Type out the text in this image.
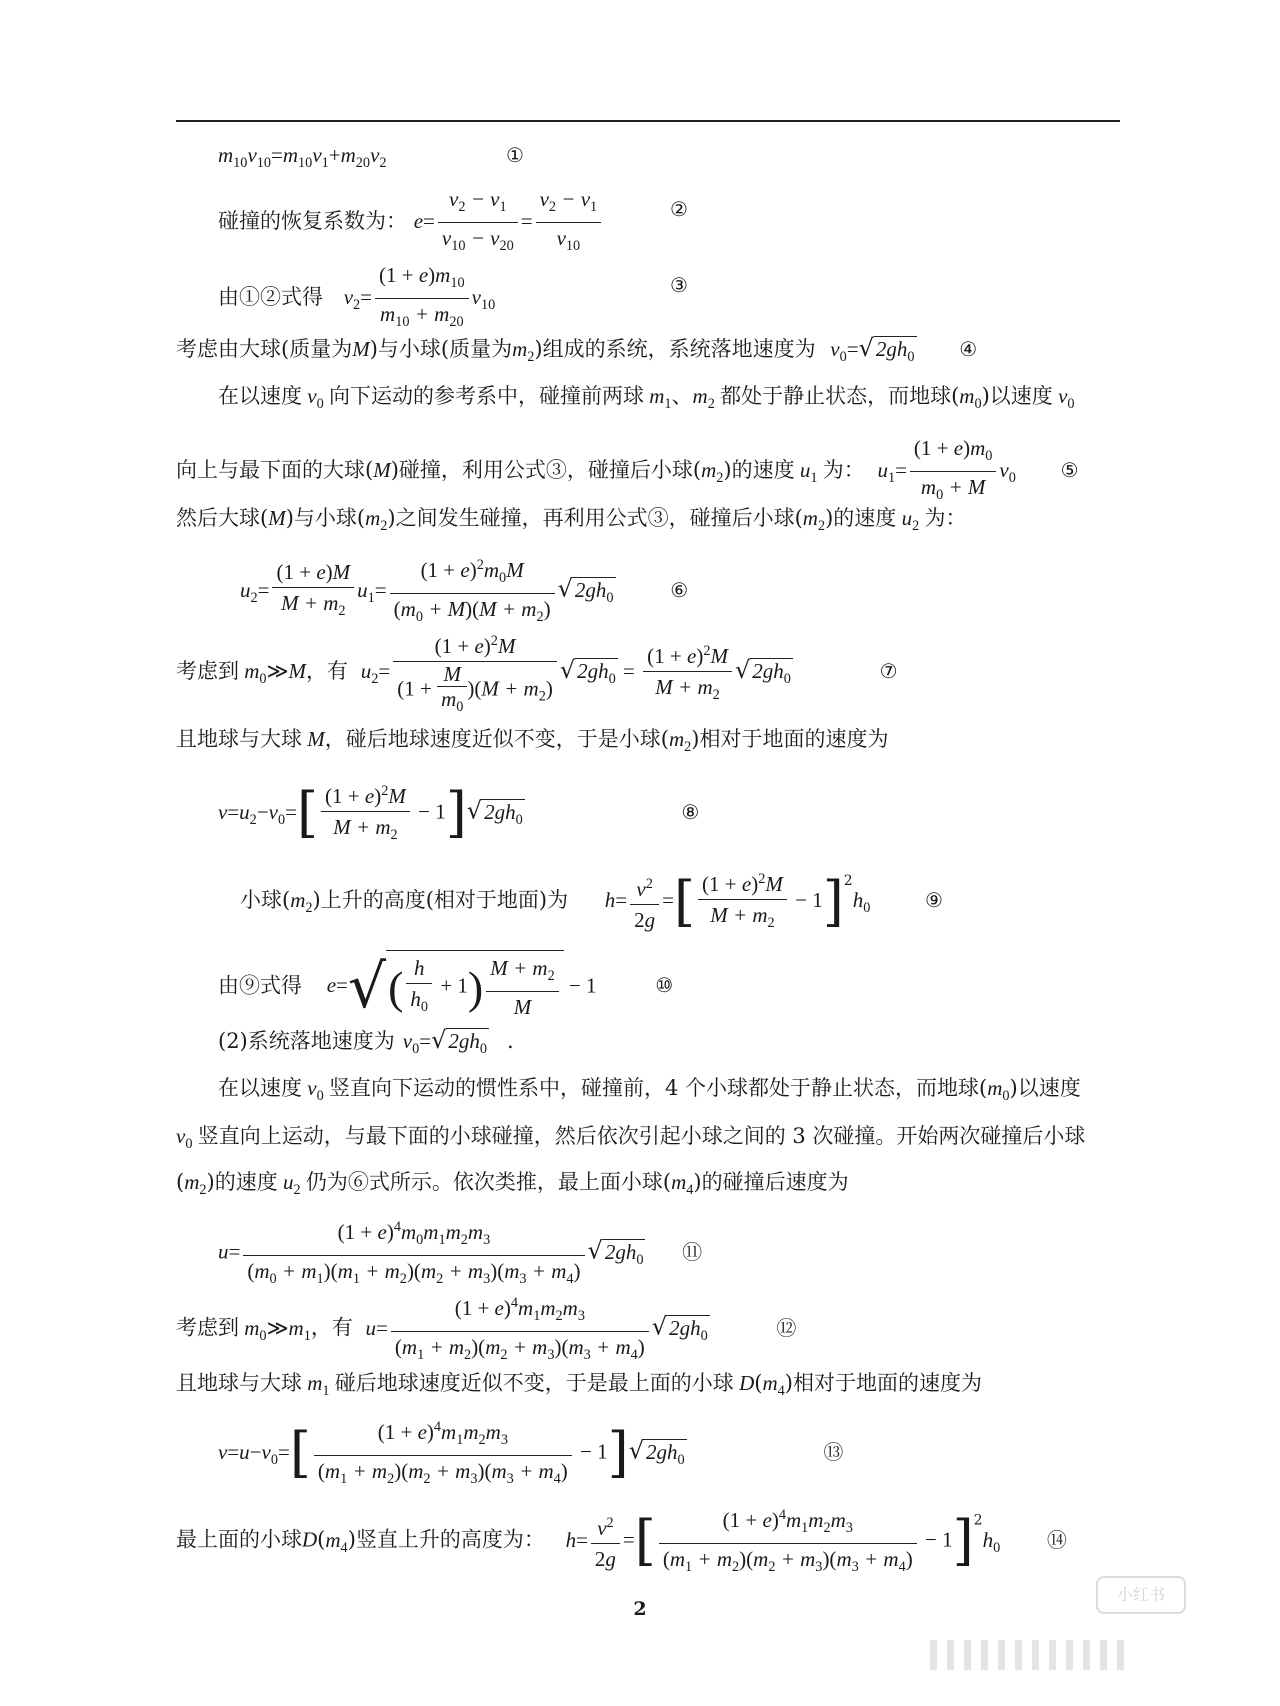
$m_{10}v_{10}=m_{10}v_1+m_{20}v_2$	①
碰撞的恢复系数为： $e= \frac{v_2 - v_1}{v_{10} - v_{20}} = \frac{v_2 - v_1}{v_{10}}$	②
由①②式得 $v_2= \frac{(1 + e)m_{10}}{m_{10} + m_{20}} v_{10}$
③
考虑由大球(质量为M)与小球(质量为$m_2$)组成的系统，系统落地速度为 $v_0=√2gh_0$ ④
在以速度 $v_0$ 向下运动的参考系中，碰撞前两球 $m_1$、$m_2$ 都处于静止状态，而地球$(m_0)$以速度 $v_0$
向上与最下面的大球(M)碰撞，利用公式③，碰撞后小球$(m_2)$的速度 $u_1$ 为： $u_1= \frac{(1 + e)m_0}{m_0 + M} v_0$ ⑤
然后大球(M)与小球$(m_2)$之间发生碰撞，再利用公式③，碰撞后小球$(m_2)$的速度 $u_2$ 为：
$u_2= \frac{(1 + e)M}{M + m_2} u_1= \frac{(1 + e)^2m_0M}{(m_0 + M)(M + m_2)} √2gh_0$	⑥
考虑到 $m_0≫M$，有 $u_2= \frac{(1 + e)^2M}{(1 + \frac{M}{m_0} )(M + m_2)} √2gh_0 = \frac{(1 + e)^2M}{M + m_2} √2gh_0$	⑦
且地球与大球 M，碰后地球速度近似不变，于是小球$(m_2)$相对于地面的速度为
$v=u_2-v_0=[ \frac{(1 + e)^2M}{M + m_2} - 1]√2gh_0$	⑧
小球$(m_2)$上升的高度(相对于地面)为 $h= \frac{v^2}{2g}$ =[ $\frac{(1 + e)^2M}{M + m_2} - 1]^2h_0$	⑨
由⑨式得 $e=√( \frac{h}{h_0} + 1) \frac{M + m_2}{M} - 1$	⑩
(2)系统落地速度为 $v_0=√2gh_0$ .
在以速度 $v_0$ 竖直向下运动的惯性系中，碰撞前，4 个小球都处于静止状态，而地球$(m_0)$以速度
$v_0$ 竖直向上运动，与最下面的小球碰撞，然后依次引起小球之间的 3 次碰撞。开始两次碰撞后小球
$(m_2)$的速度 $u_2$ 仍为⑥式所示。依次类推，最上面小球$(m_4)$的碰撞后速度为
$u= \frac{(1 + e)^4m_0m_1m_2m_3}{(m_0 + m_1)(m_1 + m_2)(m_2 + m_3)(m_3 + m_4)} √2gh_0$ ⑪
考虑到 $m_0≫m_1$，有 $u= \frac{(1 + e)^4m_1m_2m_3}{(m_1 + m_2)(m_2 + m_3)(m_3 + m_4)} √2gh_0$	⑫
且地球与大球 $m_1$ 碰后地球速度近似不变，于是最上面的小球 $D(m_4)$相对于地面的速度为
$v=u-v_0=[ \frac{(1 + e)^4m_1m_2m_3}{(m_1 + m_2)(m_2 + m_3)(m_3 + m_4)} - 1]√2gh_0$	⑬
最上面的小球$D(m_4)$竖直上升的高度为： $h= \frac{v^2}{2g}$ =[ $\frac{(1 + e)^4m_1m_2m_3}{(m_1 + m_2)(m_2 + m_3)(m_3 + m_4)} - 1]^2h_0$ ⑭
2
小红书
